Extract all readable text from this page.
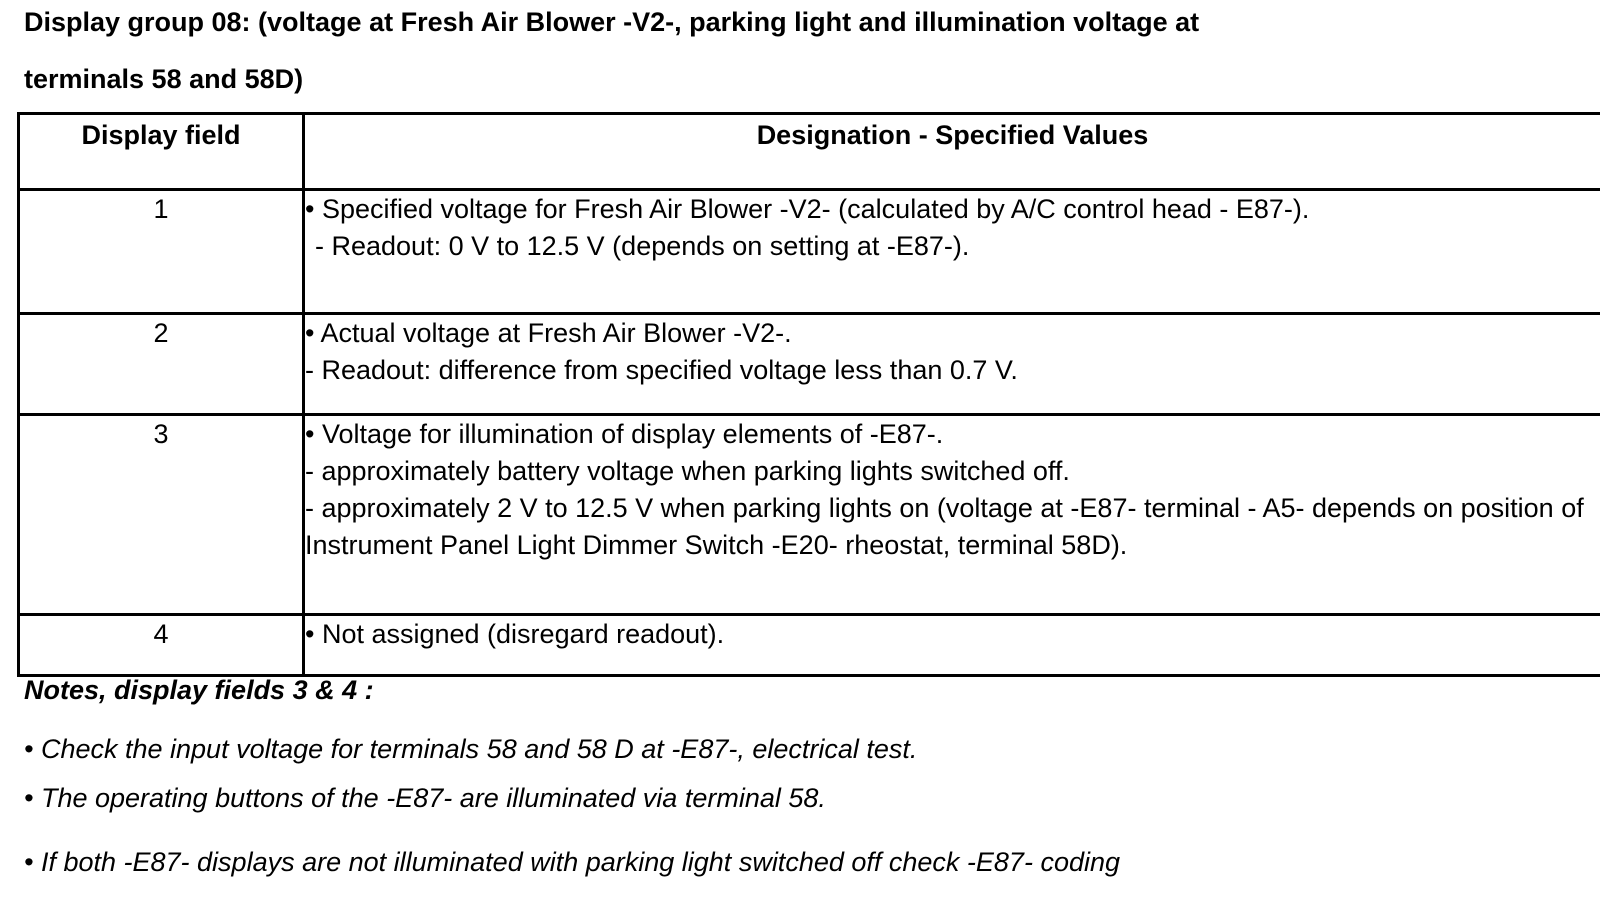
Display group 08: (voltage at Fresh Air Blower -V2-, parking light and illumination voltage at
terminals 58 and 58D)
Display field	Designation - Specified Values
1	• Specified voltage for Fresh Air Blower -V2- (calculated by A/C control head - E87-).
- Readout: 0 V to 12.5 V (depends on setting at -E87-).

2	• Actual voltage at Fresh Air Blower -V2-.
- Readout: difference from specified voltage less than 0.7 V.

3	• Voltage for illumination of display elements of -E87-.
- approximately battery voltage when parking lights switched off.
- approximately 2 V to 12.5 V when parking lights on (voltage at -E87- terminal - A5- depends on position of Instrument Panel Light Dimmer Switch -E20- rheostat, terminal 58D).

4	• Not assigned (disregard readout).
Notes, display fields 3 & 4 :
• Check the input voltage for terminals 58 and 58 D at -E87-, electrical test.
• The operating buttons of the -E87- are illuminated via terminal 58.
• If both -E87- displays are not illuminated with parking light switched off check -E87- coding
